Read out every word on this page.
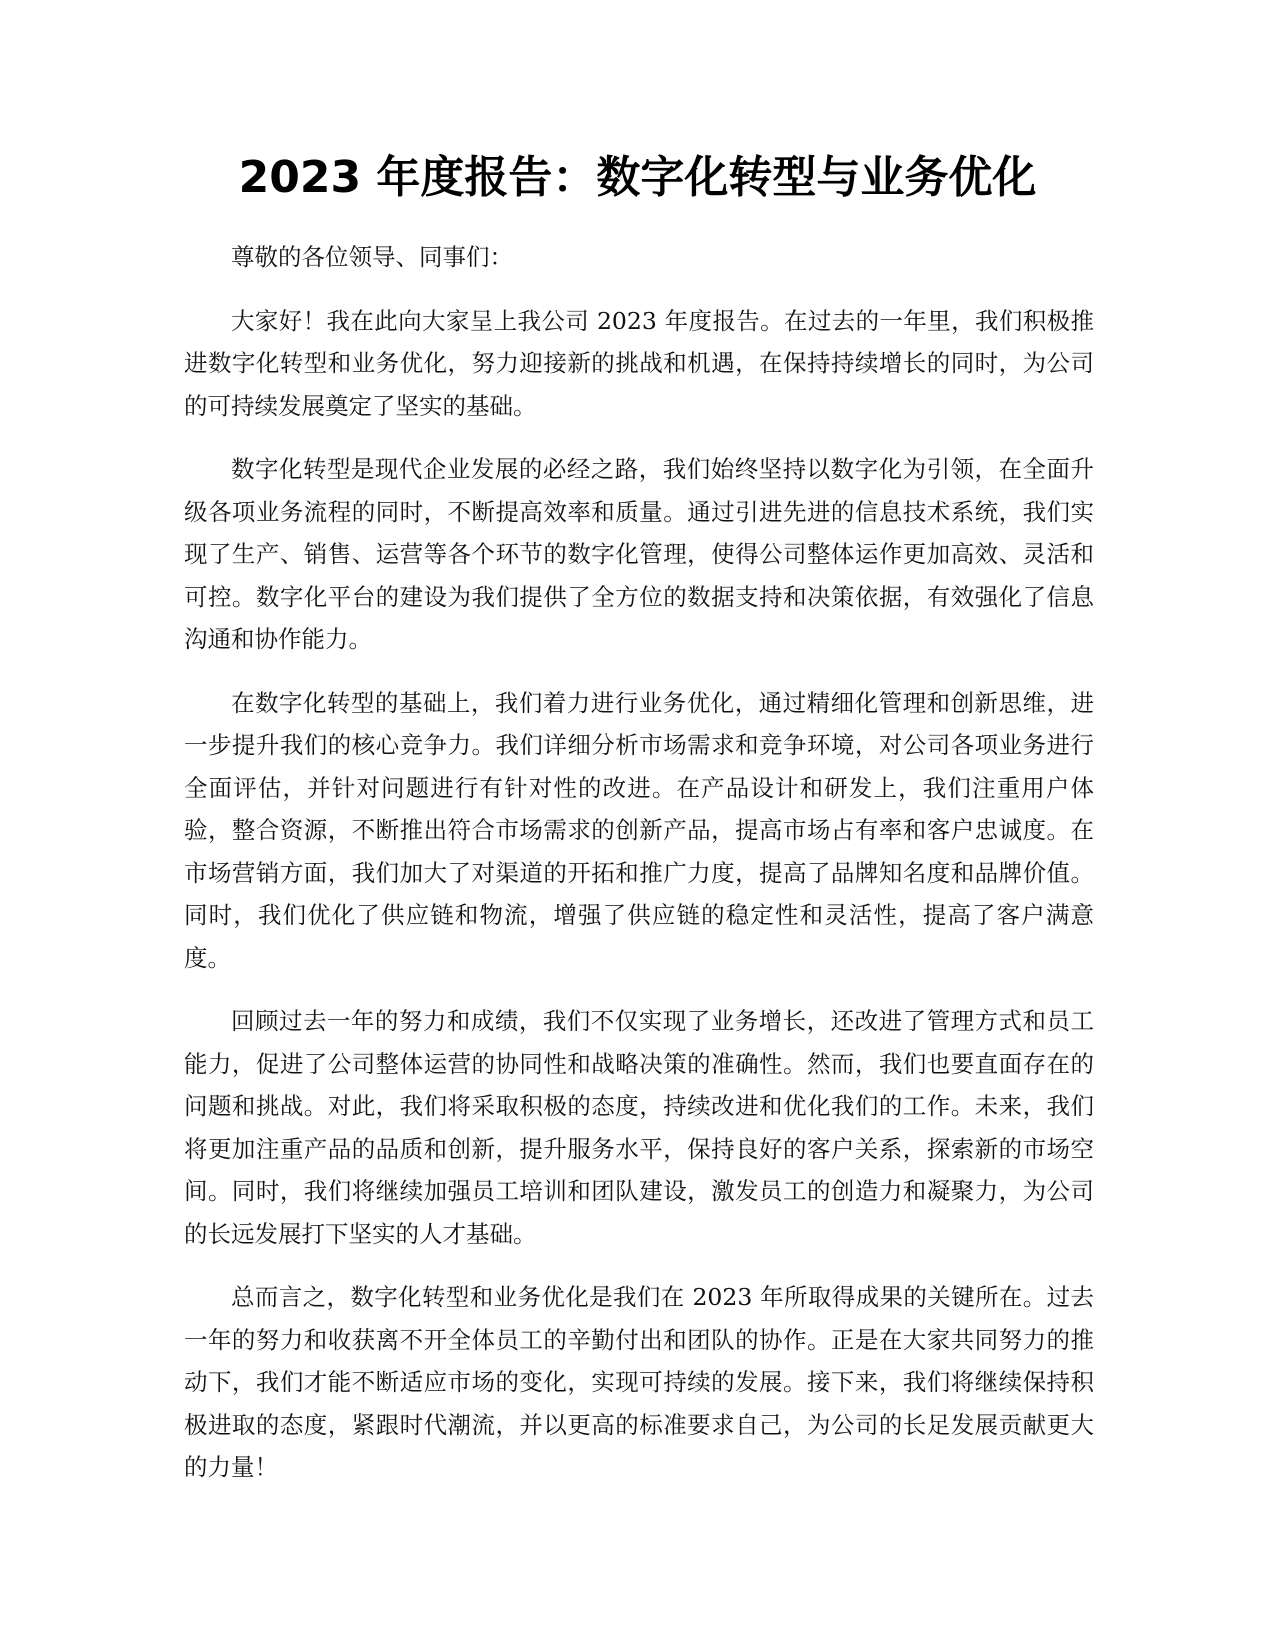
2023 年度报告：数字化转型与业务优化

尊敬的各位领导、同事们：

大家好！我在此向大家呈上我公司 2023 年度报告。在过去的一年里，我们积极推进数字化转型和业务优化，努力迎接新的挑战和机遇，在保持持续增长的同时，为公司的可持续发展奠定了坚实的基础。

数字化转型是现代企业发展的必经之路，我们始终坚持以数字化为引领，在全面升级各项业务流程的同时，不断提高效率和质量。通过引进先进的信息技术系统，我们实现了生产、销售、运营等各个环节的数字化管理，使得公司整体运作更加高效、灵活和可控。数字化平台的建设为我们提供了全方位的数据支持和决策依据，有效强化了信息沟通和协作能力。

在数字化转型的基础上，我们着力进行业务优化，通过精细化管理和创新思维，进一步提升我们的核心竞争力。我们详细分析市场需求和竞争环境，对公司各项业务进行全面评估，并针对问题进行有针对性的改进。在产品设计和研发上，我们注重用户体验，整合资源，不断推出符合市场需求的创新产品，提高市场占有率和客户忠诚度。在市场营销方面，我们加大了对渠道的开拓和推广力度，提高了品牌知名度和品牌价值。同时，我们优化了供应链和物流，增强了供应链的稳定性和灵活性，提高了客户满意度。

回顾过去一年的努力和成绩，我们不仅实现了业务增长，还改进了管理方式和员工能力，促进了公司整体运营的协同性和战略决策的准确性。然而，我们也要直面存在的问题和挑战。对此，我们将采取积极的态度，持续改进和优化我们的工作。未来，我们将更加注重产品的品质和创新，提升服务水平，保持良好的客户关系，探索新的市场空间。同时，我们将继续加强员工培训和团队建设，激发员工的创造力和凝聚力，为公司的长远发展打下坚实的人才基础。

总而言之，数字化转型和业务优化是我们在 2023 年所取得成果的关键所在。过去一年的努力和收获离不开全体员工的辛勤付出和团队的协作。正是在大家共同努力的推动下，我们才能不断适应市场的变化，实现可持续的发展。接下来，我们将继续保持积极进取的态度，紧跟时代潮流，并以更高的标准要求自己，为公司的长足发展贡献更大的力量！
